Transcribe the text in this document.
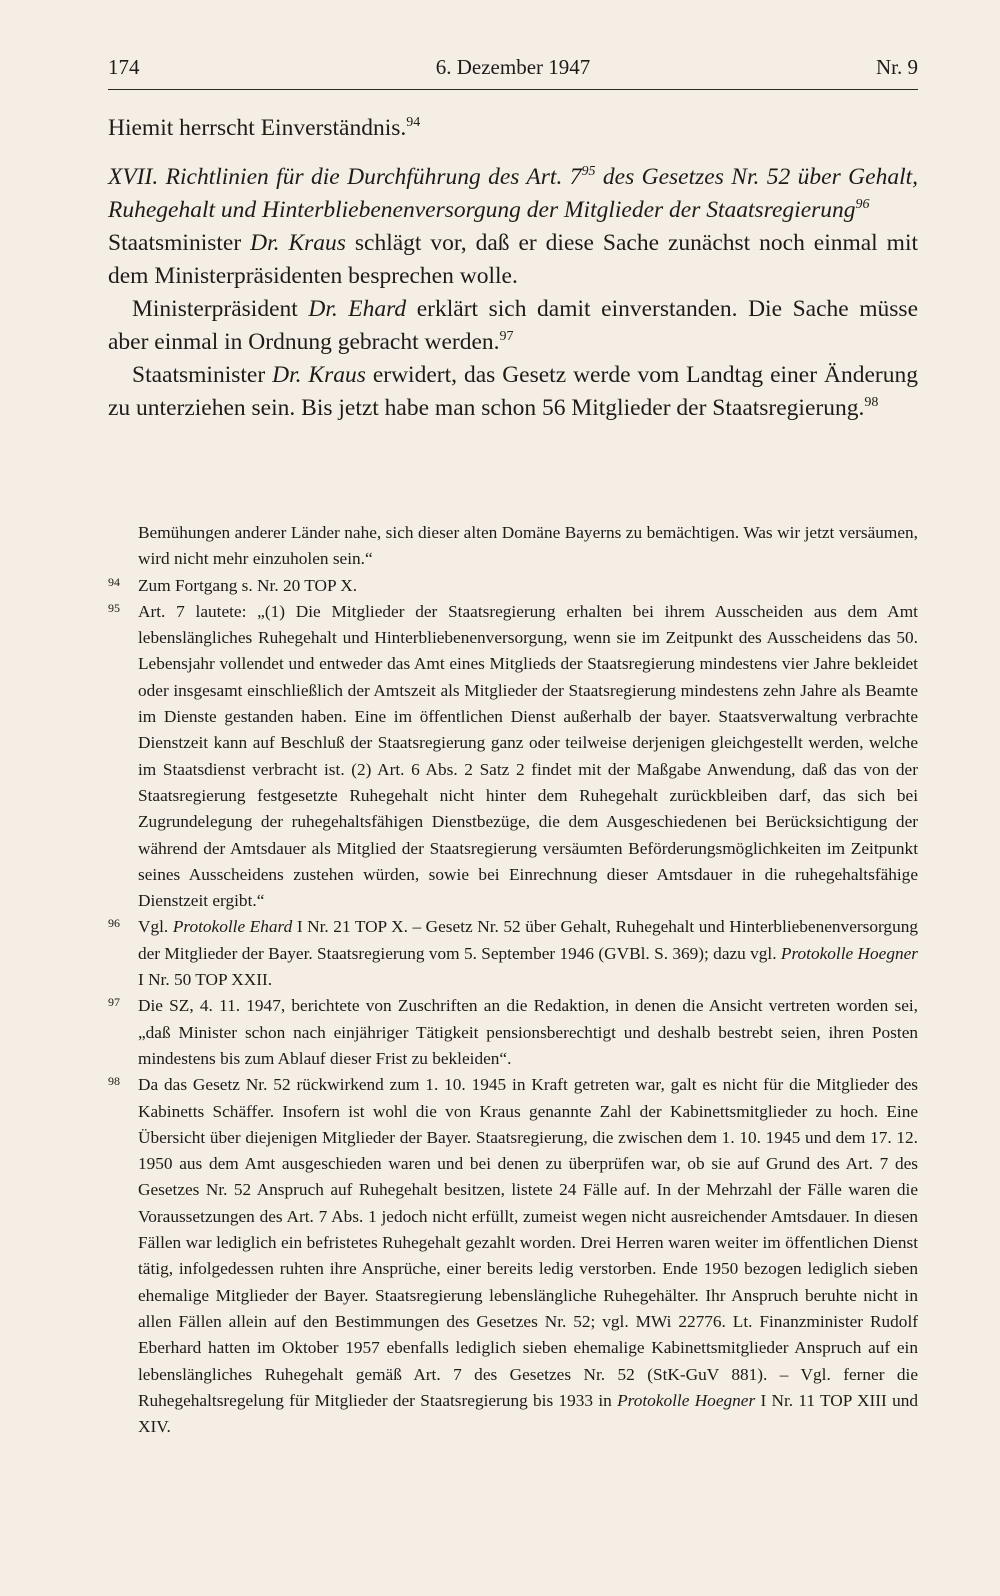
174	6. Dezember 1947	Nr. 9

Hiemit herrscht Einverständnis.$^{94}$

XVII. Richtlinien für die Durchführung des Art. $7^{95}$ des Gesetzes Nr. 52 über Gehalt, Ruhegehalt und Hinterbliebenenversorgung der Mitglieder der Staatsregierung$^{96}$

Staatsminister Dr. Kraus schlägt vor, daß er diese Sache zunächst noch einmal mit dem Ministerpräsidenten besprechen wolle.

Ministerpräsident Dr. Ehard erklärt sich damit einverstanden. Die Sache müsse aber einmal in Ordnung gebracht werden.$^{97}$

Staatsminister Dr. Kraus erwidert, das Gesetz werde vom Landtag einer Änderung zu unterziehen sein. Bis jetzt habe man schon 56 Mitglieder der Staatsregierung.$^{98}$

Bemühungen anderer Länder nahe, sich dieser alten Domäne Bayerns zu bemächtigen. Was wir jetzt versäumen, wird nicht mehr einzuholen sein.“
94 Zum Fortgang s. Nr. 20 TOP X.
95 Art. 7 lautete: „(1) Die Mitglieder der Staatsregierung erhalten bei ihrem Ausscheiden aus dem Amt lebenslängliches Ruhegehalt und Hinterbliebenenversorgung, wenn sie im Zeitpunkt des Ausscheidens das 50. Lebensjahr vollendet und entweder das Amt eines Mitglieds der Staatsregierung mindestens vier Jahre bekleidet oder insgesamt einschließlich der Amtszeit als Mitglieder der Staatsregierung mindestens zehn Jahre als Beamte im Dienste gestanden haben. Eine im öffentlichen Dienst außerhalb der bayer. Staatsverwaltung verbrachte Dienstzeit kann auf Beschluß der Staatsregierung ganz oder teilweise derjenigen gleichgestellt werden, welche im Staatsdienst verbracht ist. (2) Art. 6 Abs. 2 Satz 2 findet mit der Maßgabe Anwendung, daß das von der Staatsregierung festgesetzte Ruhegehalt nicht hinter dem Ruhegehalt zurückbleiben darf, das sich bei Zugrundelegung der ruhegehaltsfähigen Dienstbezüge, die dem Ausgeschiedenen bei Berücksichtigung der während der Amtsdauer als Mitglied der Staatsregierung versäumten Beförderungsmöglichkeiten im Zeitpunkt seines Ausscheidens zustehen würden, sowie bei Einrechnung dieser Amtsdauer in die ruhegehaltsfähige Dienstzeit ergibt.“
96 Vgl. Protokolle Ehard I Nr. 21 TOP X. – Gesetz Nr. 52 über Gehalt, Ruhegehalt und Hinterbliebenenversorgung der Mitglieder der Bayer. Staatsregierung vom 5. September 1946 (GVBl. S. 369); dazu vgl. Protokolle Hoegner I Nr. 50 TOP XXII.
97 Die SZ, 4. 11. 1947, berichtete von Zuschriften an die Redaktion, in denen die Ansicht vertreten worden sei, „daß Minister schon nach einjähriger Tätigkeit pensionsberechtigt und deshalb bestrebt seien, ihren Posten mindestens bis zum Ablauf dieser Frist zu bekleiden“.
98 Da das Gesetz Nr. 52 rückwirkend zum 1. 10. 1945 in Kraft getreten war, galt es nicht für die Mitglieder des Kabinetts Schäffer. Insofern ist wohl die von Kraus genannte Zahl der Kabinettsmitglieder zu hoch. Eine Übersicht über diejenigen Mitglieder der Bayer. Staatsregierung, die zwischen dem 1. 10. 1945 und dem 17. 12. 1950 aus dem Amt ausgeschieden waren und bei denen zu überprüfen war, ob sie auf Grund des Art. 7 des Gesetzes Nr. 52 Anspruch auf Ruhegehalt besitzen, listete 24 Fälle auf. In der Mehrzahl der Fälle waren die Voraussetzungen des Art. 7 Abs. 1 jedoch nicht erfüllt, zumeist wegen nicht ausreichender Amtsdauer. In diesen Fällen war lediglich ein befristetes Ruhegehalt gezahlt worden. Drei Herren waren weiter im öffentlichen Dienst tätig, infolgedessen ruhten ihre Ansprüche, einer bereits ledig verstorben. Ende 1950 bezogen lediglich sieben ehemalige Mitglieder der Bayer. Staatsregierung lebenslängliche Ruhegehälter. Ihr Anspruch beruhte nicht in allen Fällen allein auf den Bestimmungen des Gesetzes Nr. 52; vgl. MWi 22776. Lt. Finanzminister Rudolf Eberhard hatten im Oktober 1957 ebenfalls lediglich sieben ehemalige Kabinettsmitglieder Anspruch auf ein lebenslängliches Ruhegehalt gemäß Art. 7 des Gesetzes Nr. 52 (StK-GuV 881). – Vgl. ferner die Ruhegehaltsregelung für Mitglieder der Staatsregierung bis 1933 in Protokolle Hoegner I Nr. 11 TOP XIII und XIV.
